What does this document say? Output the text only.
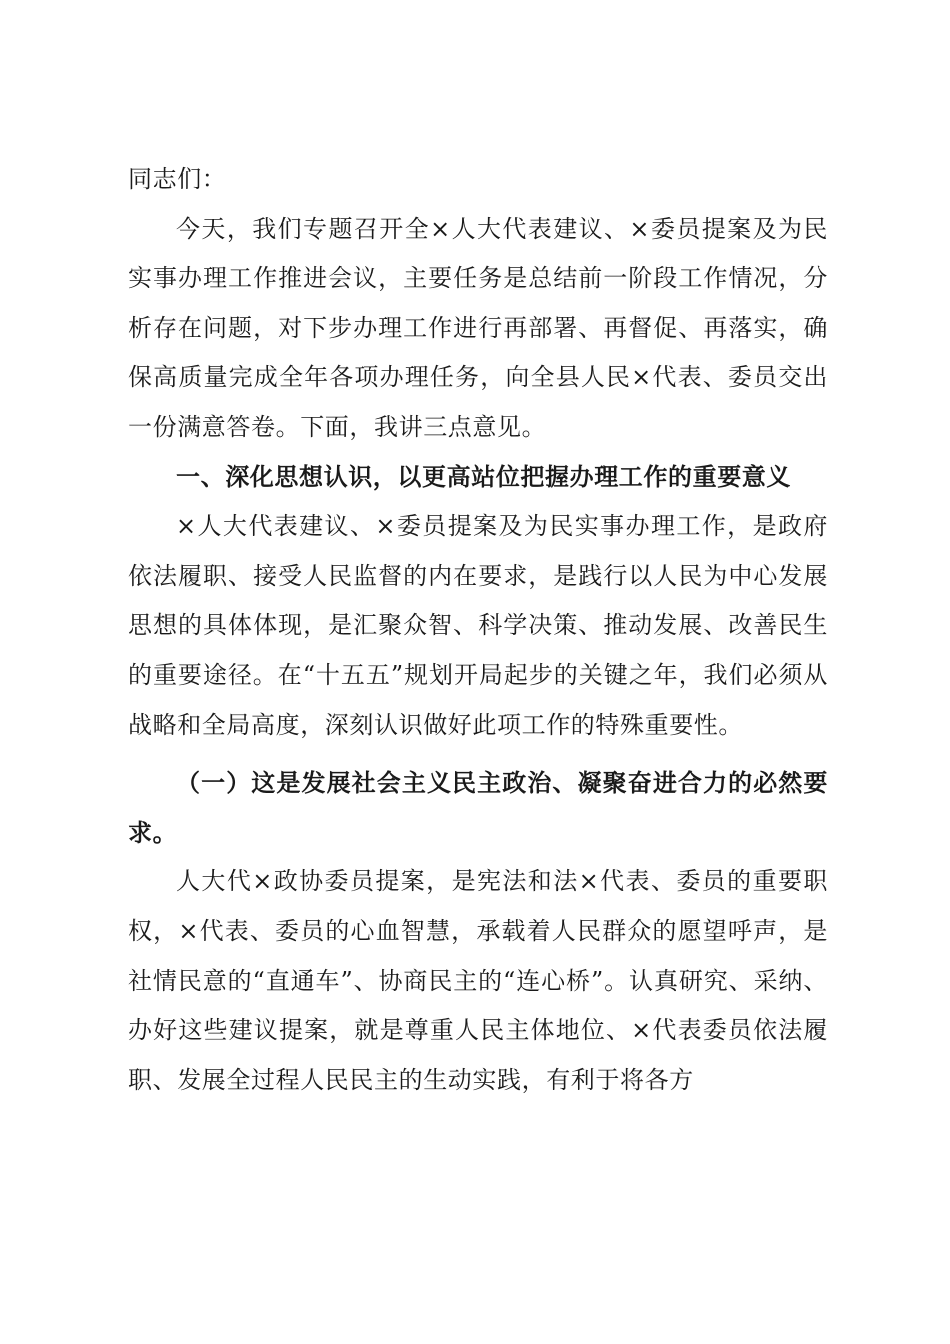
同志们：

今天，我们专题召开全×人大代表建议、×委员提案及为民实事办理工作推进会议，主要任务是总结前一阶段工作情况，分析存在问题，对下步办理工作进行再部署、再督促、再落实，确保高质量完成全年各项办理任务，向全县人民×代表、委员交出一份满意答卷。下面，我讲三点意见。

一、深化思想认识，以更高站位把握办理工作的重要意义

×人大代表建议、×委员提案及为民实事办理工作，是政府依法履职、接受人民监督的内在要求，是践行以人民为中心发展思想的具体体现，是汇聚众智、科学决策、推动发展、改善民生的重要途径。在“十五五”规划开局起步的关键之年，我们必须从战略和全局高度，深刻认识做好此项工作的特殊重要性。

（一）这是发展社会主义民主政治、凝聚奋进合力的必然要求。

人大代×政协委员提案，是宪法和法×代表、委员的重要职权，×代表、委员的心血智慧，承载着人民群众的愿望呼声，是社情民意的“直通车”、协商民主的“连心桥”。认真研究、采纳、办好这些建议提案，就是尊重人民主体地位、×代表委员依法履职、发展全过程人民民主的生动实践，有利于将各方
